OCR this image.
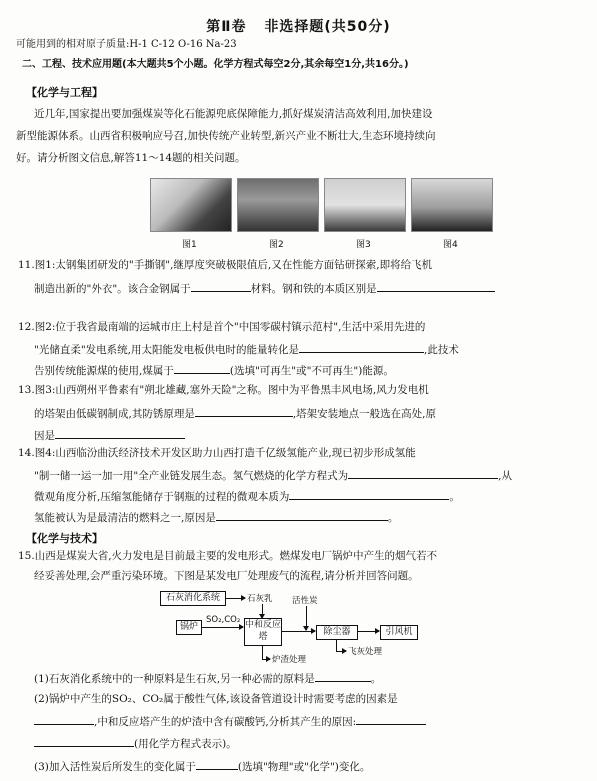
第Ⅱ卷 非选择题(共50分)
可能用到的相对原子质量:H-1 C-12 O-16 Na-23
二、工程、技术应用题(本大题共5个小题。化学方程式每空2分,其余每空1分,共16分。)
【化学与工程】
近几年,国家提出要加强煤炭等化石能源兜底保障能力,抓好煤炭清洁高效利用,加快建设
新型能源体系。山西省积极响应号召,加快传统产业转型,新兴产业不断壮大,生态环境持续向
好。请分析图文信息,解答11～14题的相关问题。
图1	图2	图3	图4
11.图1:太钢集团研发的"手撕钢",继厚度突破极限值后,又在性能方面钻研探索,即将给飞机
制造出新的"外衣"。该合金钢属于	材料。钢和铁的本质区别是
12.图2:位于我省最南端的运城市庄上村是首个"中国零碳村镇示范村",生活中采用先进的
"光储直柔"发电系统,用太阳能发电板供电时的能量转化是	,此技术
告别传统能源煤的使用,煤属于	(选填"可再生"或"不可再生")能源。
13.图3:山西朔州平鲁素有"朔北雄藏,塞外天险"之称。图中为平鲁黑丰风电场,风力发电机
的塔架由低碳钢制成,其防锈原理是	,塔架安装地点一般选在高处,原
因是
14.图4:山西临汾曲沃经济技术开发区助力山西打造千亿级氢能产业,现已初步形成氢能
"制一储一运一加一用"全产业链发展生态。氢气燃烧的化学方程式为	,从
微观角度分析,压缩氢能储存于钢瓶的过程的微观本质为	。
氢能被认为是最清洁的燃料之一,原因是	。
【化学与技术】
15.山西是煤炭大省,火力发电是目前最主要的发电形式。燃煤发电厂锅炉中产生的烟气若不
经妥善处理,会严重污染环境。下图是某发电厂处理废气的流程,请分析并回答问题。
石灰消化系统	石灰乳 活性炭
锅炉
SO₂,CO₂ 中和反应塔	除尘器	引风机
炉渣处理
飞灰处理
(1)石灰消化系统中的一种原料是生石灰,另一种必需的原料是	。
(2)锅炉中产生的SO₂、CO₂属于酸性气体,该设备管道设计时需要考虑的因素是
,中和反应塔产生的炉渣中含有碳酸钙,分析其产生的原因:
(用化学方程式表示)。
(3)加入活性炭后所发生的变化属于	(选填"物理"或"化学")变化。
